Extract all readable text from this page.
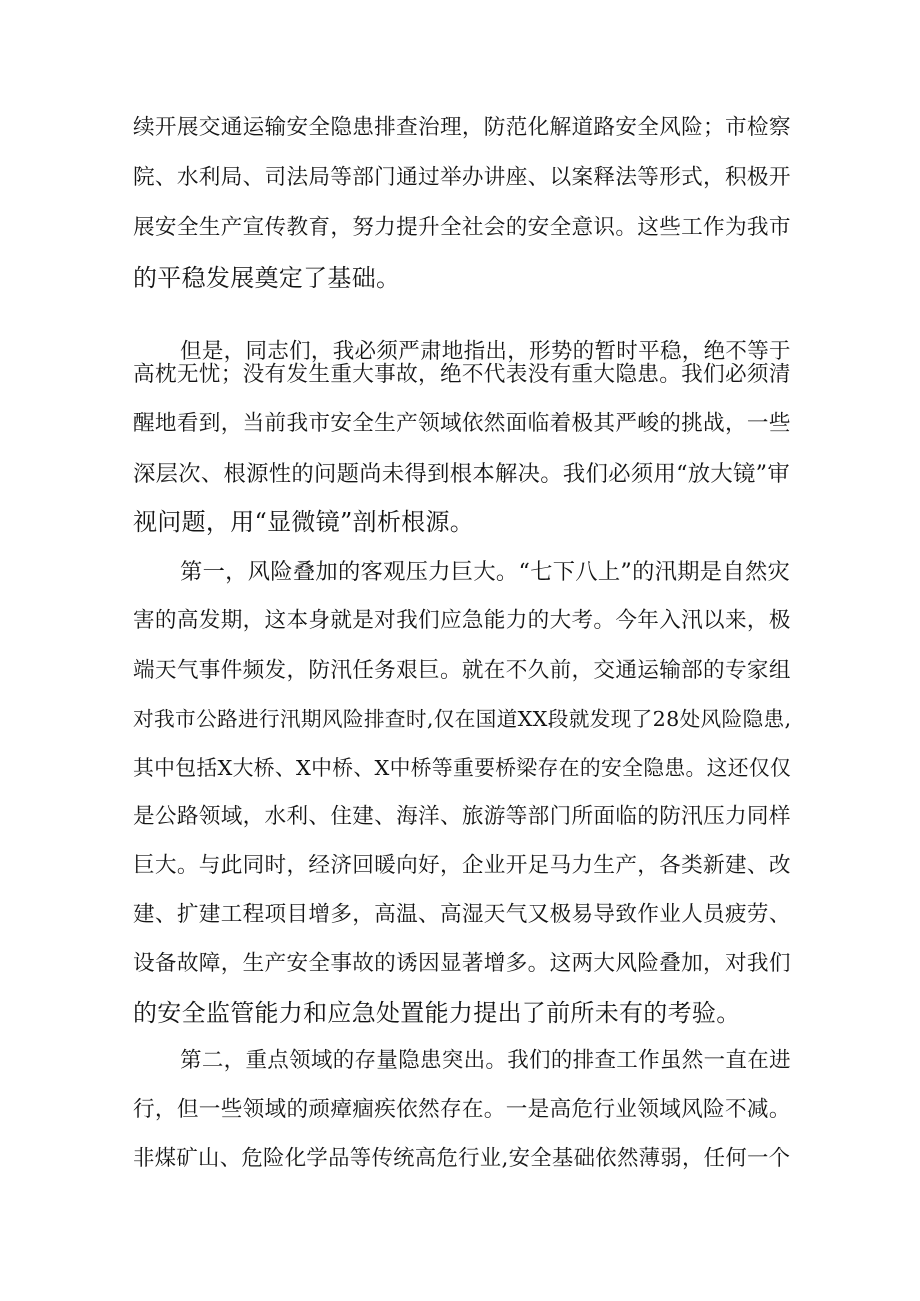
续开展交通运输安全隐患排查治理，防范化解道路安全风险；市检察
院、水利局、司法局等部门通过举办讲座、以案释法等形式，积极开
展安全生产宣传教育，努力提升全社会的安全意识。这些工作为我市
的平稳发展奠定了基础。
但是，同志们，我必须严肃地指出，形势的暂时平稳，绝不等于
高枕无忧；没有发生重大事故，绝不代表没有重大隐患。我们必须清
醒地看到，当前我市安全生产领域依然面临着极其严峻的挑战，一些
深层次、根源性的问题尚未得到根本解决。我们必须用“放大镜”审
视问题，用“显微镜”剖析根源。
第一，风险叠加的客观压力巨大。“七下八上”的汛期是自然灾
害的高发期，这本身就是对我们应急能力的大考。今年入汛以来，极
端天气事件频发，防汛任务艰巨。就在不久前，交通运输部的专家组
对我市公路进行汛期风险排查时,仅在国道XX段就发现了28处风险隐患,
其中包括X大桥、X中桥、X中桥等重要桥梁存在的安全隐患。这还仅仅
是公路领域，水利、住建、海洋、旅游等部门所面临的防汛压力同样
巨大。与此同时，经济回暖向好，企业开足马力生产，各类新建、改
建、扩建工程项目增多，高温、高湿天气又极易导致作业人员疲劳、
设备故障，生产安全事故的诱因显著增多。这两大风险叠加，对我们
的安全监管能力和应急处置能力提出了前所未有的考验。
第二，重点领域的存量隐患突出。我们的排查工作虽然一直在进
行，但一些领域的顽瘴痼疾依然存在。一是高危行业领域风险不减。
非煤矿山、危险化学品等传统高危行业,安全基础依然薄弱，任何一个
